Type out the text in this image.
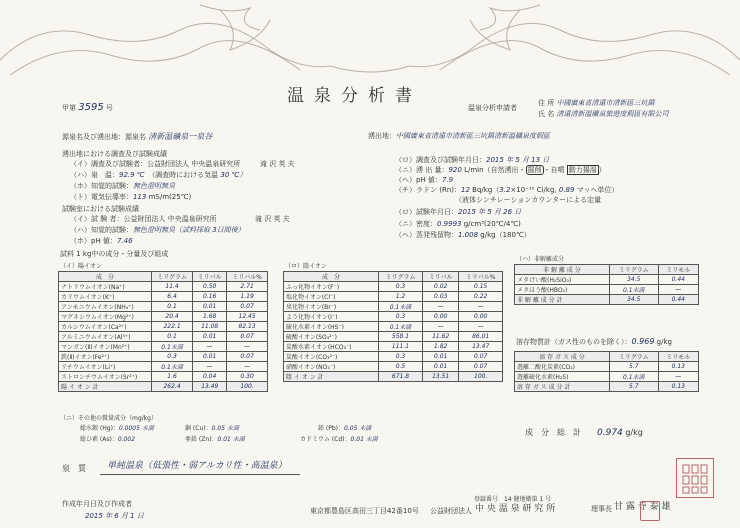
甲第 3595 号
温泉分析書
温泉分析申請者
住 所 中國廣東省清遠市清新區三坑鎮
氏 名 清遠清新溫礦泉旅遊度假區有限公司
源泉名及び湧出地：源泉名 清新温礦泉一泉谷
湧出地における調査及び試験成績
（イ）調査及び試験者：公益財団法人 中央温泉研究所	滝 沢 英 夫
（ハ）泉　温：92.9 ℃　 （調査時における気温 30 ℃）
（ホ）知覚的試験：無色澄明無臭
（ト）電気伝導率：113 mS/m(25℃)
試験室における試験成績
（イ）試 験 者：公益財団法人 中央温泉研究所	滝 沢 英 夫
（ハ）知覚的試験：無色澄明無臭（試料採取 3日間後）
（ホ）pH 値：7.46
試料 1 kg中の成分・分量及び組成
湧出地：中國廣東省清遠市清新區三坑鎮清新溫礦泉度假區
（ロ）調査及び試験年月日：2015 年 5 月 13 日
（ニ）湧 出 量：920 L/min（自然湧出・ 掘削 ・自噴 動力揚湯 ）
（ヘ）pH 値：7.9
（チ）ラドン (Rn)：12 Bq/kg（3.2×10⁻¹⁰ Ci/kg, 0.89 マッヘ単位）
（液体シンチレーションカウンターによる定量
（ロ）試験年月日：2015 年 5 月 26 日
（ニ）密度：0.9993 g/cm³(20℃/4℃)
（ヘ）蒸発残留物：1.008 g/kg（180℃）
（イ）陽イオン
成　分	ミリグラム	ミリバル	ミリバル%
ナトリウムイオン(Na⁺)	11.4	0.50	2.71
カリウムイオン(K⁺)	6.4	0.16	1.19
アンモニウムイオン(NH₄⁺)	0.1	0.01	0.07
マグネシウムイオン(Mg²⁺)	20.4	1.68	12.45
カルシウムイオン(Ca²⁺)	222.1	11.08	82.13
アルミニウムイオン(Al³⁺)	0.1	0.01	0.07
マンガン(Ⅱ)イオン(Mn²⁺)	0.1未満	—	—
鉄(Ⅱ)イオン(Fe²⁺)	0.3	0.01	0.07
リチウムイオン(Li⁺)	0.1未満	—	—
ストロンチウムイオン(Sr²⁺)	1.6	0.04	0.30
陽 イ オ ン 計	262.4	13.49	100.
（ニ）その他の微量成分（mg/kg）
総水銀 (Hg)：0.0005 未満	銅 (Cu)：0.05 未満	鉛 (Pb)：0.05 未満
総ひ素 (As)：0.002	亜鉛 (Zn)：0.01 未満	カドミウム (Cd)：0.01 未満
（ロ）陰イオン
成　分	ミリグラム	ミリバル	ミリバル%
ふっ化物イオン(F⁻)	0.3	0.02	0.15
塩化物イオン(Cl⁻)	1.2	0.03	0.22
臭化物イオン(Br⁻)	0.1未満	—	—
よう化物イオン(I⁻)	0.3	0.00	0.00
硫化水素イオン(HS⁻)	0.1未満	—	—
硫酸イオン(SO₄²⁻)	558.1	11.62	86.01
炭酸水素イオン(HCO₃⁻)	111.1	1.82	13.47
炭酸イオン(CO₃²⁻)	0.3	0.01	0.07
硝酸イオン(NO₃⁻)	0.5	0.01	0.07
陰 イ オ ン 計	671.8	13.51	100.
（ハ）非解離成分
非 解 離 成 分	ミリグラム	ミリモル
メタけい酸(H₂SiO₃)	34.5	0.44
メタほう酸(HBO₂)	0.1未満	—
非 解 離 成 分 計	34.5	0.44
溶存物質計（ガス性のものを除く）：0.969 g/kg
溶 存 ガ ス 成 分	ミリグラム	ミリモル
遊離二酸化炭素(CO₂)	5.7	0.13
遊離硫化水素(H₂S)	0.1未満	—
溶 存 ガ ス 成 分 計	5.7	0.13
成　分　総　計　　 0.974 g/kg
泉　質 単純温泉（低張性・弱アルカリ性・高温泉）
作成年月日及び作成者
2015 年 6 月 1 日
東京都豊島区高田三丁目42番10号 公益財団法人 中 央 温 泉 研 究 所
登録番号　14 健地衛第 1 号
理事長 甘 露 寺 泰 雄
